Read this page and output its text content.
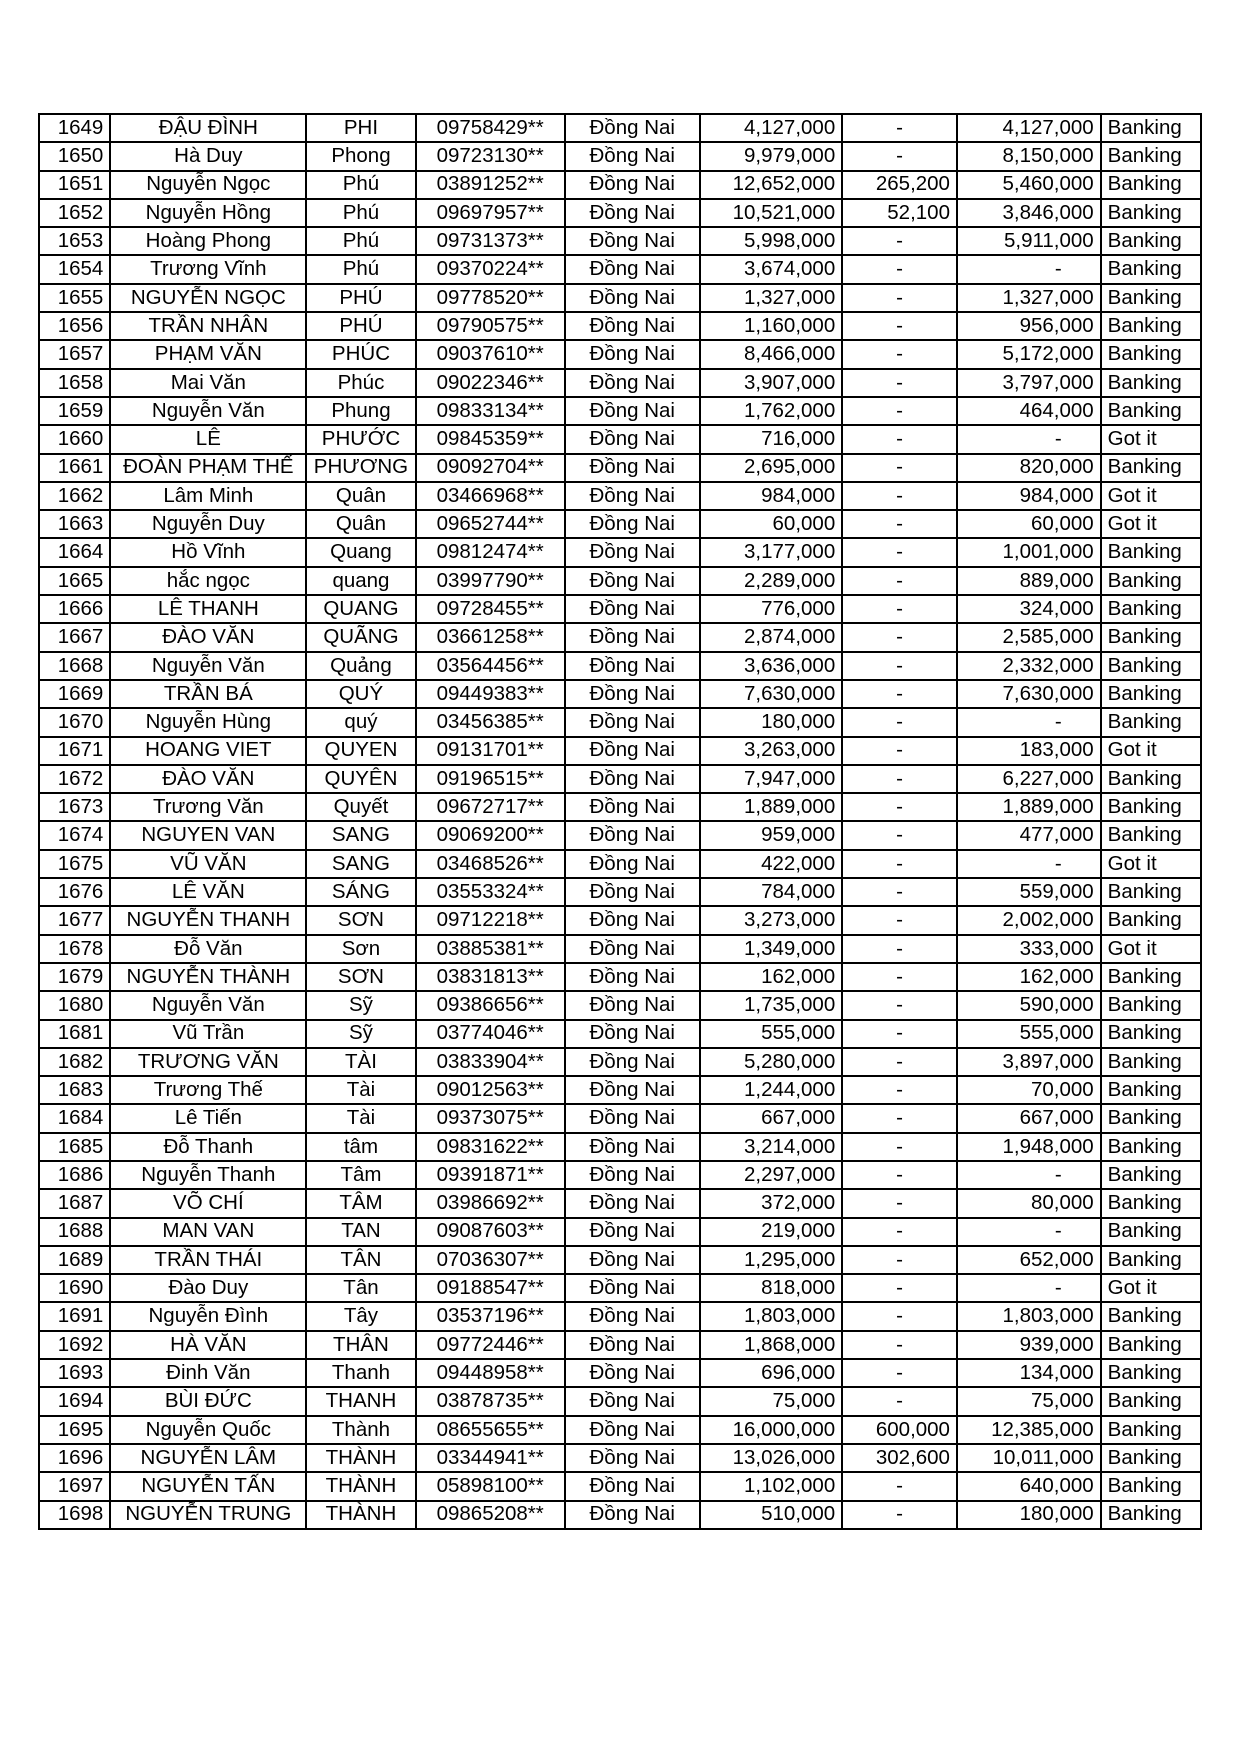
1649	ĐẬU ĐÌNH	PHI	09758429**	Đồng Nai	4,127,000	-	4,127,000	Banking
1650	Hà Duy	Phong	09723130**	Đồng Nai	9,979,000	-	8,150,000	Banking
1651	Nguyễn Ngọc	Phú	03891252**	Đồng Nai	12,652,000	265,200	5,460,000	Banking
1652	Nguyễn Hồng	Phú	09697957**	Đồng Nai	10,521,000	52,100	3,846,000	Banking
1653	Hoàng Phong	Phú	09731373**	Đồng Nai	5,998,000	-	5,911,000	Banking
1654	Trương Vĩnh	Phú	09370224**	Đồng Nai	3,674,000	-	-	Banking
1655	NGUYỄN NGỌC	PHÚ	09778520**	Đồng Nai	1,327,000	-	1,327,000	Banking
1656	TRẦN NHÂN	PHÚ	09790575**	Đồng Nai	1,160,000	-	956,000	Banking
1657	PHẠM VĂN	PHÚC	09037610**	Đồng Nai	8,466,000	-	5,172,000	Banking
1658	Mai Văn	Phúc	09022346**	Đồng Nai	3,907,000	-	3,797,000	Banking
1659	Nguyễn Văn	Phung	09833134**	Đồng Nai	1,762,000	-	464,000	Banking
1660	LÊ	PHƯỚC	09845359**	Đồng Nai	716,000	-	-	Got it
1661	ĐOÀN PHẠM THẾ	PHƯƠNG	09092704**	Đồng Nai	2,695,000	-	820,000	Banking
1662	Lâm Minh	Quân	03466968**	Đồng Nai	984,000	-	984,000	Got it
1663	Nguyễn Duy	Quân	09652744**	Đồng Nai	60,000	-	60,000	Got it
1664	Hồ Vĩnh	Quang	09812474**	Đồng Nai	3,177,000	-	1,001,000	Banking
1665	hắc ngọc	quang	03997790**	Đồng Nai	2,289,000	-	889,000	Banking
1666	LÊ THANH	QUANG	09728455**	Đồng Nai	776,000	-	324,000	Banking
1667	ĐÀO VĂN	QUÃNG	03661258**	Đồng Nai	2,874,000	-	2,585,000	Banking
1668	Nguyễn Văn	Quảng	03564456**	Đồng Nai	3,636,000	-	2,332,000	Banking
1669	TRẦN BÁ	QUÝ	09449383**	Đồng Nai	7,630,000	-	7,630,000	Banking
1670	Nguyễn Hùng	quý	03456385**	Đồng Nai	180,000	-	-	Banking
1671	HOANG VIET	QUYEN	09131701**	Đồng Nai	3,263,000	-	183,000	Got it
1672	ĐÀO VĂN	QUYÊN	09196515**	Đồng Nai	7,947,000	-	6,227,000	Banking
1673	Trương Văn	Quyết	09672717**	Đồng Nai	1,889,000	-	1,889,000	Banking
1674	NGUYEN VAN	SANG	09069200**	Đồng Nai	959,000	-	477,000	Banking
1675	VŨ VĂN	SANG	03468526**	Đồng Nai	422,000	-	-	Got it
1676	LÊ VĂN	SÁNG	03553324**	Đồng Nai	784,000	-	559,000	Banking
1677	NGUYỄN THANH	SƠN	09712218**	Đồng Nai	3,273,000	-	2,002,000	Banking
1678	Đỗ Văn	Sơn	03885381**	Đồng Nai	1,349,000	-	333,000	Got it
1679	NGUYỄN THÀNH	SƠN	03831813**	Đồng Nai	162,000	-	162,000	Banking
1680	Nguyễn Văn	Sỹ	09386656**	Đồng Nai	1,735,000	-	590,000	Banking
1681	Vũ Trần	Sỹ	03774046**	Đồng Nai	555,000	-	555,000	Banking
1682	TRƯƠNG VĂN	TÀI	03833904**	Đồng Nai	5,280,000	-	3,897,000	Banking
1683	Trương Thế	Tài	09012563**	Đồng Nai	1,244,000	-	70,000	Banking
1684	Lê Tiến	Tài	09373075**	Đồng Nai	667,000	-	667,000	Banking
1685	Đỗ Thanh	tâm	09831622**	Đồng Nai	3,214,000	-	1,948,000	Banking
1686	Nguyễn Thanh	Tâm	09391871**	Đồng Nai	2,297,000	-	-	Banking
1687	VÕ CHÍ	TÂM	03986692**	Đồng Nai	372,000	-	80,000	Banking
1688	MAN VAN	TAN	09087603**	Đồng Nai	219,000	-	-	Banking
1689	TRẦN THÁI	TÂN	07036307**	Đồng Nai	1,295,000	-	652,000	Banking
1690	Đào Duy	Tân	09188547**	Đồng Nai	818,000	-	-	Got it
1691	Nguyễn Đình	Tây	03537196**	Đồng Nai	1,803,000	-	1,803,000	Banking
1692	HÀ VĂN	THÂN	09772446**	Đồng Nai	1,868,000	-	939,000	Banking
1693	Đinh Văn	Thanh	09448958**	Đồng Nai	696,000	-	134,000	Banking
1694	BÙI ĐỨC	THANH	03878735**	Đồng Nai	75,000	-	75,000	Banking
1695	Nguyễn Quốc	Thành	08655655**	Đồng Nai	16,000,000	600,000	12,385,000	Banking
1696	NGUYỄN LÂM	THÀNH	03344941**	Đồng Nai	13,026,000	302,600	10,011,000	Banking
1697	NGUYỄN TẤN	THÀNH	05898100**	Đồng Nai	1,102,000	-	640,000	Banking
1698	NGUYỄN TRUNG	THÀNH	09865208**	Đồng Nai	510,000	-	180,000	Banking
